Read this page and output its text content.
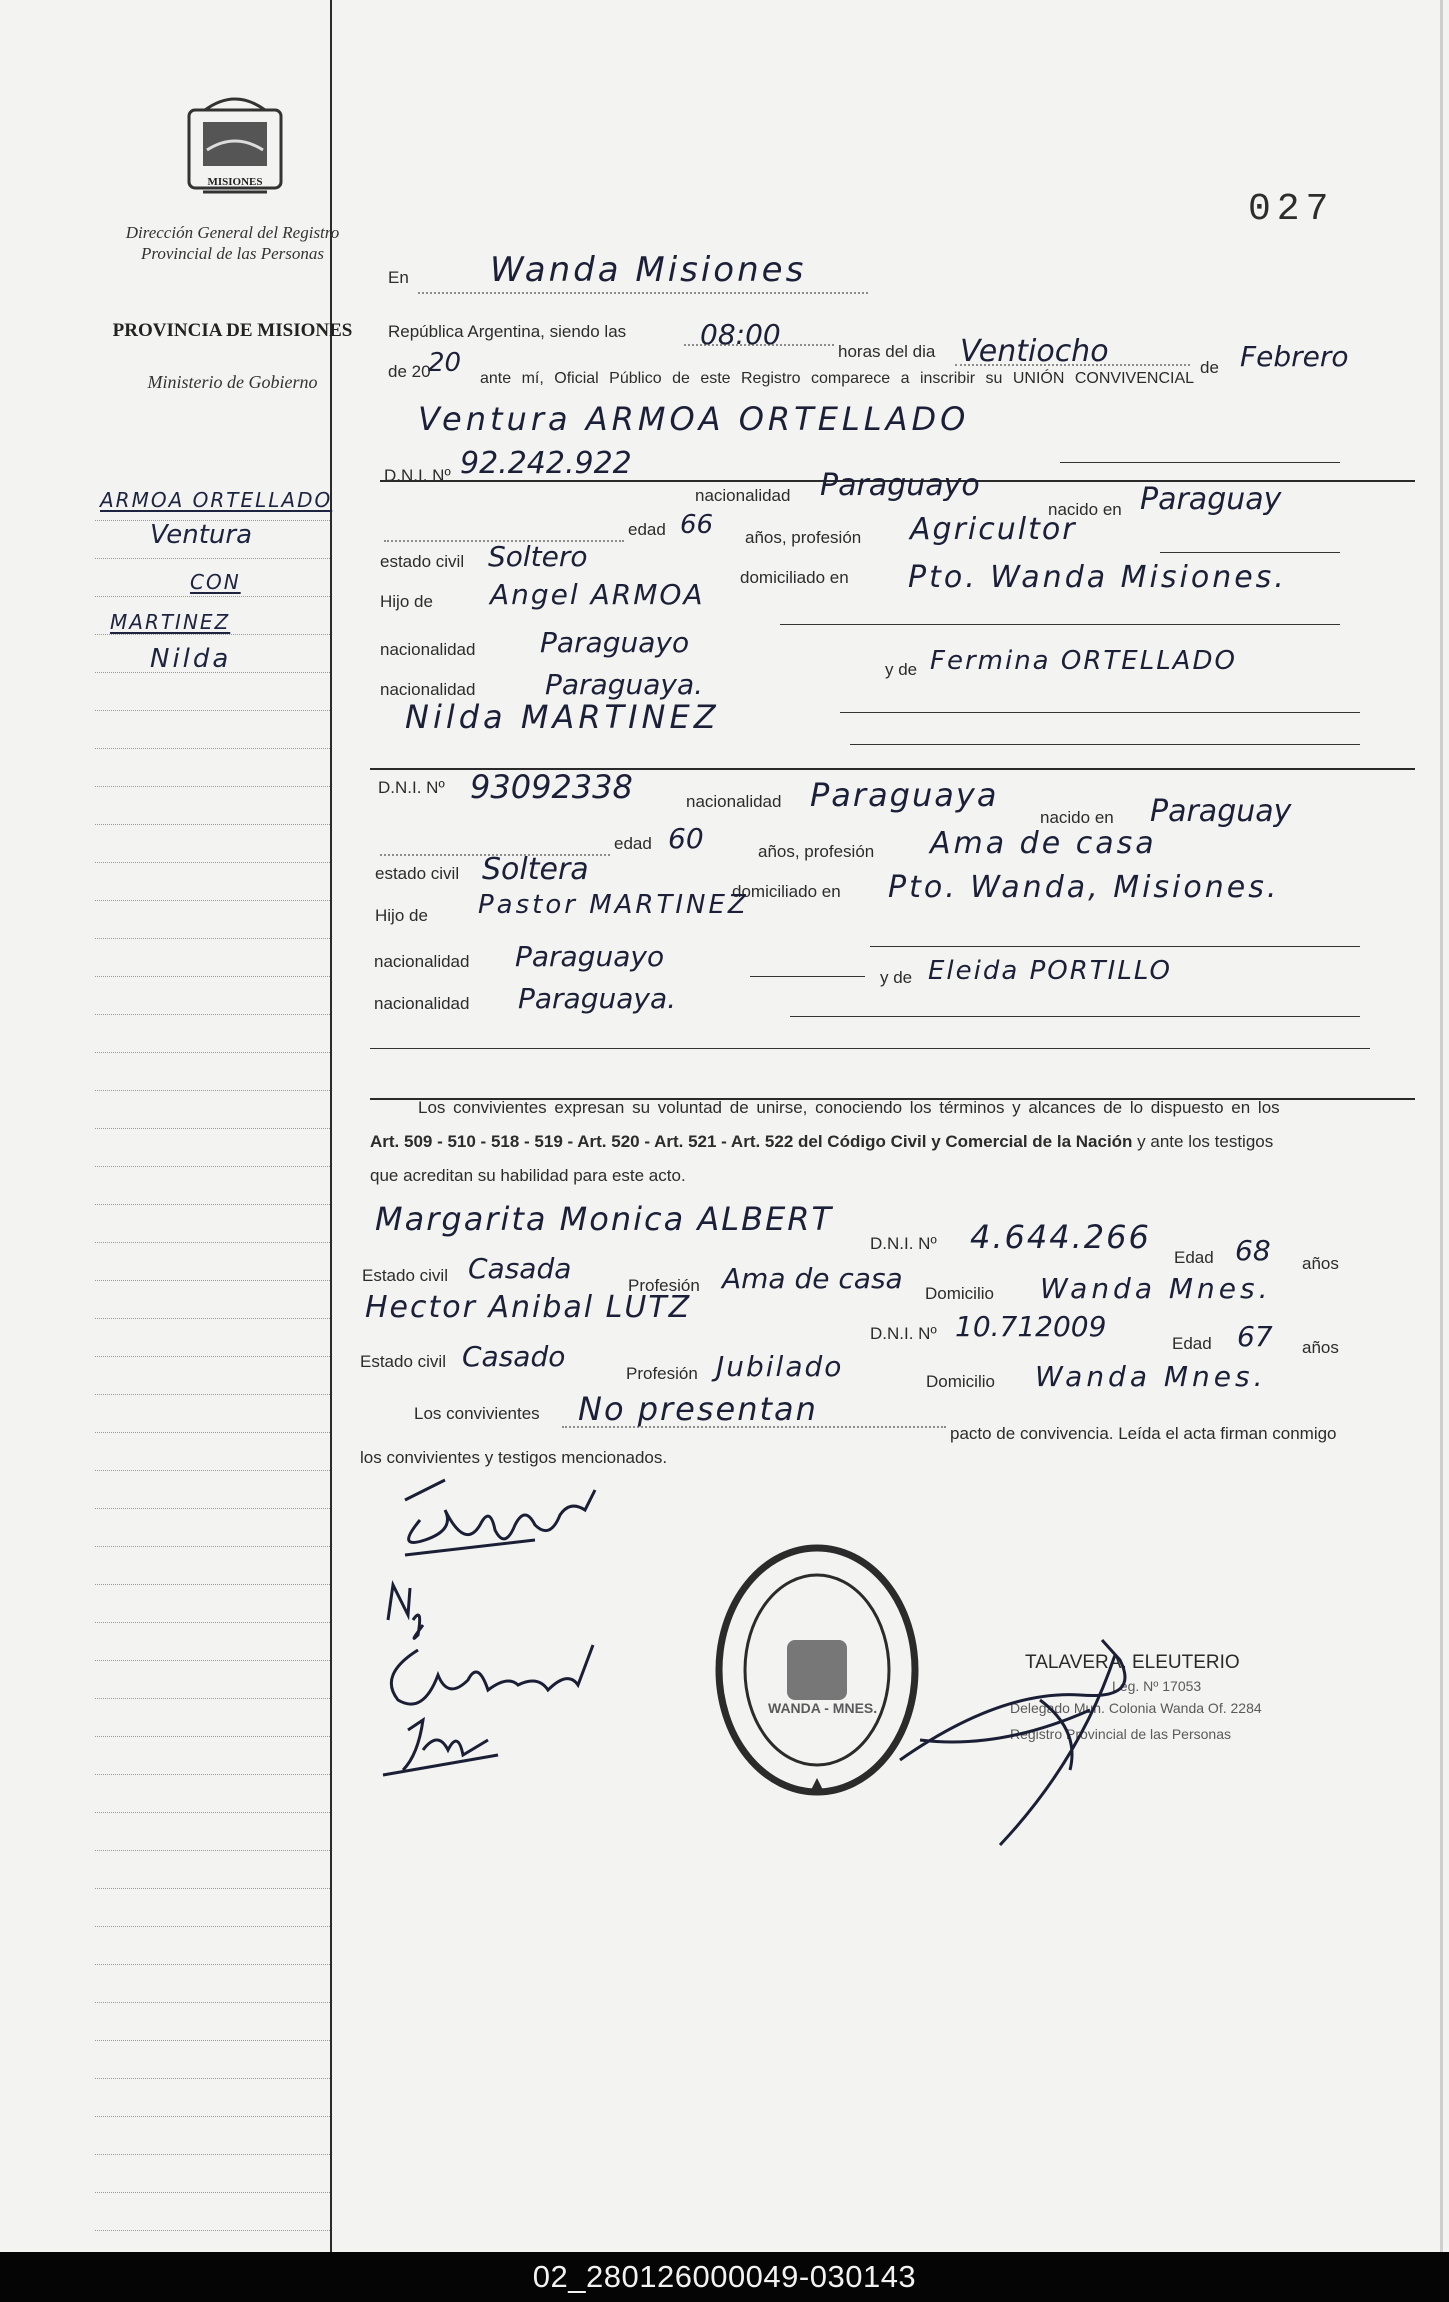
MISIONES
Dirección General del Registro Provincial de las Personas
PROVINCIA DE MISIONES
Ministerio de Gobierno
ARMOA ORTELLADO
Ventura
CON
MARTINEZ
Nilda
027
En Wanda Misiones
República Argentina, siendo las	08:00
horas del dia Ventiocho	de Febrero
de 20
20
ante mí, Oficial Público de este Registro comparece a inscribir su UNIÓN CONVIVENCIAL
Ventura ARMOA ORTELLADO
D.N.I. Nº 92.242.922
nacionalidad Paraguayo
nacido en Paraguay
edad 66 años, profesión Agricultor
estado civil Soltero
domiciliado en Pto. Wanda Misiones.
Hijo de Angel ARMOA
nacionalidad Paraguayo
y de Fermina ORTELLADO
nacionalidad Paraguaya.
Nilda MARTINEZ
D.N.I. Nº 93092338	nacionalidad Paraguaya
nacido en Paraguay
edad 60	años, profesión Ama de casa
estado civil Soltera
domiciliado en Pto. Wanda, Misiones.
Hijo de Pastor MARTINEZ
nacionalidad Paraguayo
y de Eleida PORTILLO
nacionalidad Paraguaya.
Los convivientes expresan su voluntad de unirse, conociendo los términos y alcances de lo dispuesto en los
Art. 509 - 510 - 518 - 519 - Art. 520 - Art. 521 - Art. 522 del Código Civil y Comercial de la Nación y ante los testigos
que acreditan su habilidad para este acto.
Margarita Monica ALBERT
D.N.I. Nº 4.644.266
Edad 68 años
Estado civil Casada
Profesión Ama de casa Domicilio Wanda Mnes.
Hector Anibal LUTZ
D.N.I. Nº 10.712009
Edad 67 años
Estado civil Casado
Profesión Jubilado	Domicilio Wanda Mnes.
Los convivientes No presentan
pacto de convivencia. Leída el acta firman conmigo
los convivientes y testigos mencionados.
WANDA - MNES.
TALAVERA, ELEUTERIO
Leg. Nº 17053
Delegado Mun. Colonia Wanda Of. 2284
Registro Provincial de las Personas
02_280126000049-030143
